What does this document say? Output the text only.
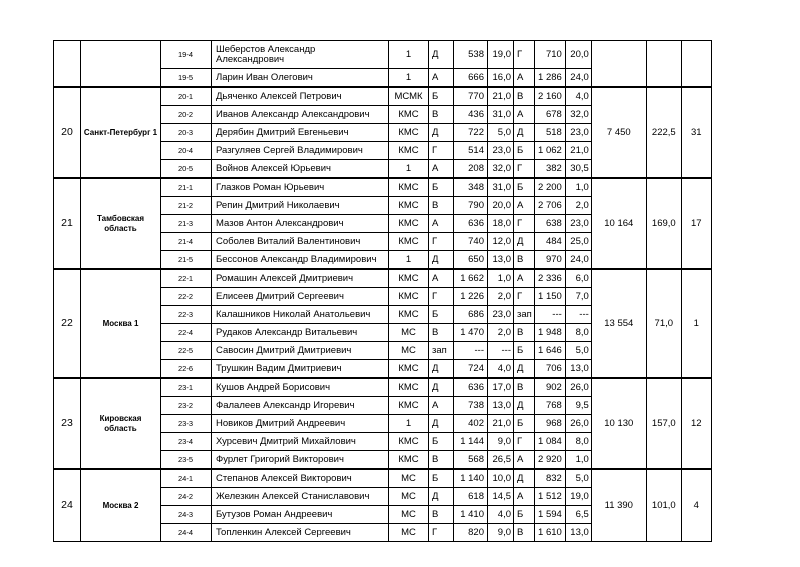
		19-4	Шеберстов Александр Александрович	1	Д	538	19,0	Г	710	20,0			
		19-5	Ларин Иван Олегович	1	А	666	16,0	А	1 286	24,0			
20	Санкт-Петербург 1	20-1	Дьяченко Алексей Петрович	МСМК	Б	770	21,0	В	2 160	4,0	7 450	222,5	31
		20-2	Иванов Александр Александрович	КМС	В	436	31,0	А	678	32,0			
		20-3	Дерябин Дмитрий Евгеньевич	КМС	Д	722	5,0	Д	518	23,0			
		20-4	Разгуляев Сергей Владимирович	КМС	Г	514	23,0	Б	1 062	21,0			
		20-5	Войнов Алексей Юрьевич	1	А	208	32,0	Г	382	30,5			
21	Тамбовская область	21-1	Глазков Роман Юрьевич	КМС	Б	348	31,0	Б	2 200	1,0	10 164	169,0	17
		21-2	Репин Дмитрий Николаевич	КМС	В	790	20,0	А	2 706	2,0			
		21-3	Мазов Антон Александрович	КМС	А	636	18,0	Г	638	23,0			
		21-4	Соболев Виталий Валентинович	КМС	Г	740	12,0	Д	484	25,0			
		21-5	Бессонов Александр Владимирович	1	Д	650	13,0	В	970	24,0			
22	Москва 1	22-1	Ромашин Алексей Дмитриевич	КМС	А	1 662	1,0	А	2 336	6,0	13 554	71,0	1
		22-2	Елисеев Дмитрий Сергеевич	КМС	Г	1 226	2,0	Г	1 150	7,0			
		22-3	Калашников Николай Анатольевич	КМС	Б	686	23,0	зап	---	---			
		22-4	Рудаков Александр Витальевич	МС	В	1 470	2,0	В	1 948	8,0			
		22-5	Савосин Дмитрий Дмитриевич	МС	зап	---	---	Б	1 646	5,0			
		22-6	Трушкин Вадим Дмитриевич	КМС	Д	724	4,0	Д	706	13,0			
23	Кировская область	23-1	Кушов Андрей Борисович	КМС	Д	636	17,0	В	902	26,0	10 130	157,0	12
		23-2	Фалалеев Александр Игоревич	КМС	А	738	13,0	Д	768	9,5			
		23-3	Новиков Дмитрий Андреевич	1	Д	402	21,0	Б	968	26,0			
		23-4	Хурсевич Дмитрий Михайлович	КМС	Б	1 144	9,0	Г	1 084	8,0			
		23-5	Фурлет Григорий Викторович	КМС	В	568	26,5	А	2 920	1,0			
24	Москва 2	24-1	Степанов Алексей Викторович	МС	Б	1 140	10,0	Д	832	5,0	11 390	101,0	4
		24-2	Железкин Алексей Станиславович	МС	Д	618	14,5	А	1 512	19,0			
		24-3	Бутузов Роман Андреевич	МС	В	1 410	4,0	Б	1 594	6,5			
		24-4	Топленкин Алексей Сергеевич	МС	Г	820	9,0	В	1 610	13,0			
